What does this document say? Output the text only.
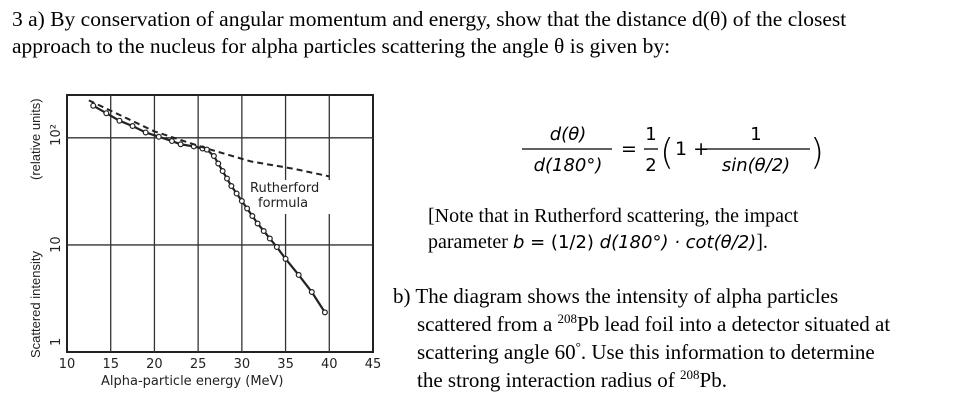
3 a) By conservation of angular momentum and energy, show that the distance d(θ) of the closest
approach to the nucleus for alpha particles scattering the angle θ is given by:
10 15 20 25 30 35 40 45
1
10
10²
Scattered intensity
(relative units)
Alpha-particle energy (MeV)
Rutherford
formula
d(θ)
d(180°)
=
1
2 ( 1 +
1
sin(θ/2) )
[Note that in Rutherford scattering, the impact
parameter b = (1/2) d(180°) · cot(θ/2)].
b) The diagram shows the intensity of alpha particles
scattered from a $^{208}$Pb lead foil into a detector situated at
scattering angle 60°. Use this information to determine
the strong interaction radius of $^{208}$Pb.
